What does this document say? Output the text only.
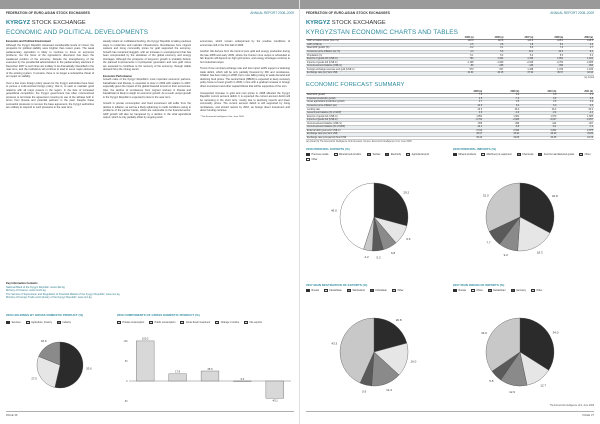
FEDERATION OF EURO-ASIAN STOCK EXCHANGES	ANNUAL REPORT 2008–2009
KYRGYZ STOCK EXCHANGE
ECONOMIC AND POLITICAL DEVELOPMENTS
Economic and Political Environment
Although the Kyrgyz Republic witnessed considerable levels of unrest, the prospects for political stability were brighter than recent years. The weak parliamentary opposition is likely to continue to focus on economic problems, but the focus of the opposition's discontent has been the weakened position of the economy. Despite the strengthening of the executive by the presidential administration in the parliamentary elections in December 2007 to such lines are unlikely to be dramatically intensified in the near term, and the institutions will continue to lead to some major elements of the existing system. It remains, there is no longer a substantive threat of an impact on stability.
Over a few more foreign policy issues for the Kyrgyz authorities have been to pursue a multi-vectoral foreign policy; that is, to seek to maintain good relations with all major powers in the region. In the face of increased geopolitical competition, the Kyrgyz government has often misconstrued pressure to terminate the agreement covering its use of the airbase both in terms from Russia and potential partners in the past. Despite these successful pressures to remove the base agreement, the Kyrgyz authorities are unlikely to respond to such pressures in the near term.
Heavily reliant on multilateral funding, the Kyrgyz Republic is taking cautious steps to modernize and maintain infrastructure. Remittances from migrant workers and rising commodity prices for gold supported the economy. Growth has remained sluggish, with an increase in unemployment that has been compounded by the slowdown of the global economy and energy shortages. Although the prospects of long-term growth is probably limited, the planned improvements in hydropower generation and new gold mines are expected to contribute to the recovery of the economy, through stable demand from the mining sector.
Economic Performance
Growth rates of the Kyrgyz Republic's most important economic partners, Kazakhstan and Russia, is expected to slow in 2009 with relation to 2007, especially given the impact of the global financial turmoil on their economies. Also, the decline of remittances from migrant workers in Russia and Kazakhstan is likely to weigh on economic growth. As a result, output growth in the Kyrgyz Republic is expected to slow in the near term.
Growth in private consumption and fixed investment will suffer from the decline in inflation, as well as a likely tightening in credit conditions owing to problems of the partner banks, which are vulnerable to the financial sector. GDP growth will also be hampered by a decline in the total agricultural output, which is only partially offset by ongoing work.
economies, which remain underpinned by the positive conditions of economies still in the first half of 2009.
Another risk derives from the trend of poor gold and energy production during the late 2008 and early 2009, where the Kumtor mine output is scheduled to fall. Exports will depend on high gold prices, and energy shortages continue to hurt industrial output.
Trend of low nominal exchange rate and low import tariffs support a widening trade deficit, which will be only partially financed by FDI and remittances. Inflation has been rising in 2008, but is now falling owing to weak demand and declining food prices. The central bank (NBKR) is expected to keep monetary policy loose to boost growth in 2009, in line with a gradual increase in foreign direct investment and other capital inflows that will be supportive of the som.
Unexpected increase in gold and cost prices in 2008 affected the Kyrgyz Republic current account deficit. It is expected the current account deficit will be narrowing in the short term, mostly due to declining imports and lower commodity prices. The current account deficit is still supported by rising remittances, and should narrow by 2010, as foreign direct investment and donor funding continue.
* The Economist Intelligence Unit, June 2009
Key Information Contacts
National Bank of the Kyrgyz Republic: www.nbkr.kg
Ministry of Finance: www.minfin.kg
The Service of Supervision and Regulation of Financial Market of the Kyrgyz Republic: www.nsc.kg
Ministry of Foreign Trade and Industry of the Kyrgyz Republic: www.mvt.kg
2009 HOLDINGS BY GROSS DOMESTIC PRODUCT (%)
Services	Agriculture, forestry	Industry
53.6
27.5
18.9
2009 COMPONENTS OF GROSS DOMESTIC PRODUCT (%)
Private consumption	Public consumption	Gross fixed investment	Change in stocks	Net exports
-50
0
50
100
100.2
17.9
25.0
0.0
-43.1
PAGE 36
FEDERATION OF EURO-ASIAN STOCK EXCHANGES	ANNUAL REPORT 2008–2009
KYRGYZ STOCK EXCHANGE
KYRGYZSTAN ECONOMIC CHARTS AND TABLES
	2005 (a)	2006 (a)	2007 (a)	2008 (a)	2009 (a)
GDP at market prices (Som m)	100.9	113.8	141.9	185.0	196.5
GDP (US$ bn)	2.5	2.8	3.8	5.0	4.6
Real GDP growth (%)	-0.2	3.1	8.5	7.6	1.7
Consumer price inflation (av; %)	4.4	5.6	10.2	24.5	8.4
Population (m)	5.1	5.2	5.2	5.3	5.4
Exports of goods fob (US$ m)	794	1,044	1,336	1,851	1,601
Imports of goods fob (US$ m)	-1,108	-1,929	-2,615	-3,764	-2,905
Current-account balance (US$ m)	-56	-238	-146	-656	-393
Foreign-exchange reserves excl gold (US$ m)	570	817	1,108	1,153	1,183
Exchange rate (av) Som:US$	41.01	40.15	37.32	36.57	42.94
(a) Actual
ECONOMIC FORECAST SUMMARY
	2008 (a)	2009 (b)	2010 (b)	2011 (b)
Real GDP growth	7.6	0.2	3.0	4.1
Industrial production growth	2.5	-7.3	0.3	2.8
Gross agricultural production growth	0.7	0.5	2.5	2.9
Consumer price inflation (av)	24.5	8.4	6.0	6.6
Lending rate	23.3	26.4	26.3	26.2
Government balance (% of GDP)	0.9	-3.0	-3.4	-2.4
Exports of goods fob (US$ m)	1,851	1,601	1,570	1,685
Imports of goods fob (US$ m)	-3,764	-2,905	-3,017	-3,257
Current-account balance (US$ m)	-656	-393	-414	-407
Current-account balance (% of GDP)	-13.1	-8.6	-8.1	-7.4
External debt (year-end; US$ m)	2,512	2,692	2,802	2,875
Exchange rate (av) Som:US$	36.57	42.94	43.20	43.82
Exchange rate (end-period) Som:US$	39.42	43.80	43.26	44.19
(a) Actual (b) The Economist Intelligence Unit forecasts. Source: Economist Intelligence Unit, June 2009
2008 PRINCIPAL EXPORTS (%)
Precious metals	Mineral fuels & lubric.	Textiles	Electricity	Agricultural prod.
Other
29.2
9.6
6.8
5.2
4.2
45.0
2008 PRINCIPAL IMPORTS (%)
Mineral products	Machinery & equipment	Chemicals	Food & manufactured goods	Other
32.8
18.3
9.2
7.7
32.0
2007 MAIN DESTINATION OF EXPORTS (%)
Russia	Kazakhstan	Switzerland	Uzbekistan	Other
20.8
16.0
14.3
5.6
43.3
2007 MAIN ORIGIN OF IMPORTS (%)
Russia	China	Kazakhstan	Germany	Other
34.0
12.7
12.9
5.8
34.6
The Economist Intelligence Unit, June 2009
PAGE 37
